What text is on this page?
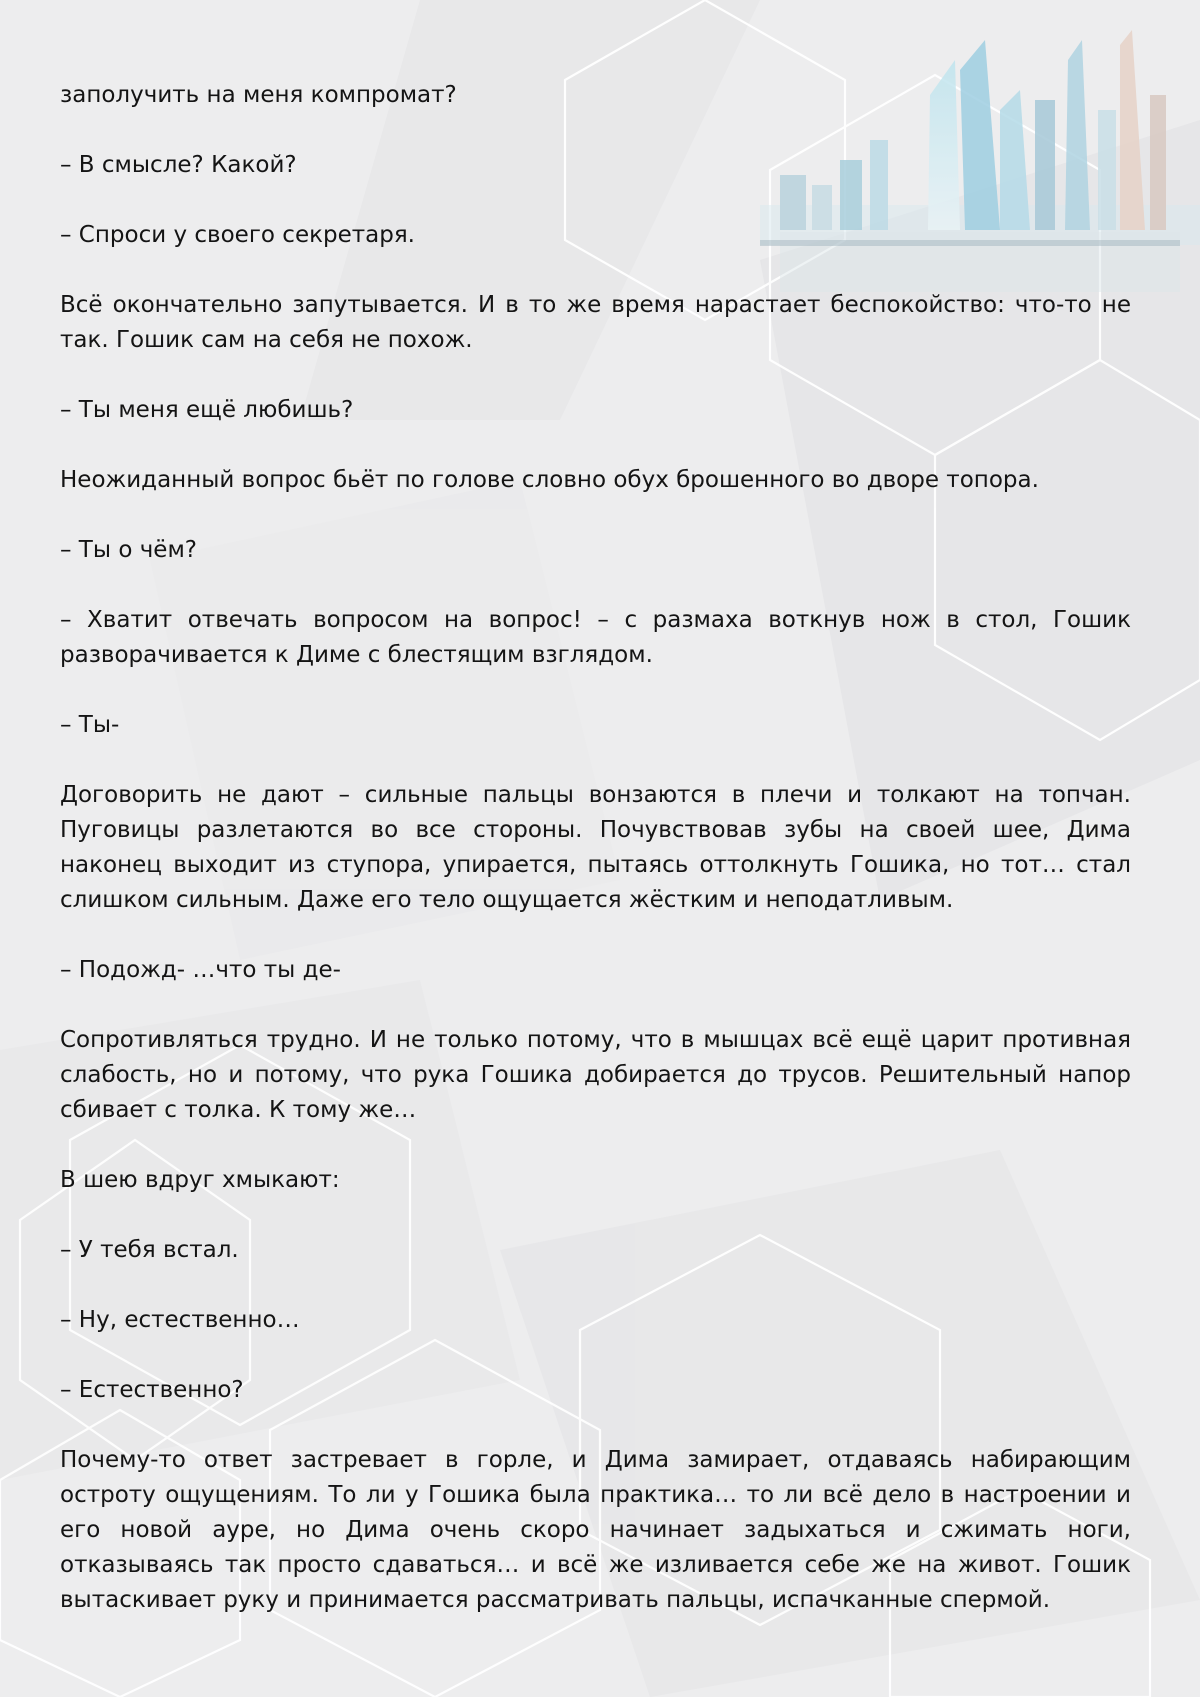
заполучить на меня компромат?

– В смысле? Какой?

– Спроси у своего секретаря.

Всё окончательно запутывается. И в то же время нарастает беспокойство: что-то не так. Гошик сам на себя не похож.

– Ты меня ещё любишь?

Неожиданный вопрос бьёт по голове словно обух брошенного во дворе топора.

– Ты о чём?

– Хватит отвечать вопросом на вопрос! – с размаха воткнув нож в стол, Гошик разворачивается к Диме с блестящим взглядом.

– Ты-

Договорить не дают – сильные пальцы вонзаются в плечи и толкают на топчан. Пуговицы разлетаются во все стороны. Почувствовав зубы на своей шее, Дима наконец выходит из ступора, упирается, пытаясь оттолкнуть Гошика, но тот… стал слишком сильным. Даже его тело ощущается жёстким и неподатливым.

– Подожд- …что ты де-

Сопротивляться трудно. И не только потому, что в мышцах всё ещё царит противная слабость, но и потому, что рука Гошика добирается до трусов. Решительный напор сбивает с толка. К тому же…

В шею вдруг хмыкают:

– У тебя встал.

– Ну, естественно…

– Естественно?

Почему-то ответ застревает в горле, и Дима замирает, отдаваясь набирающим остроту ощущениям. То ли у Гошика была практика… то ли всё дело в настроении и его новой ауре, но Дима очень скоро начинает задыхаться и сжимать ноги, отказываясь так просто сдаваться… и всё же изливается себе же на живот. Гошик вытаскивает руку и принимается рассматривать пальцы, испачканные спермой.
